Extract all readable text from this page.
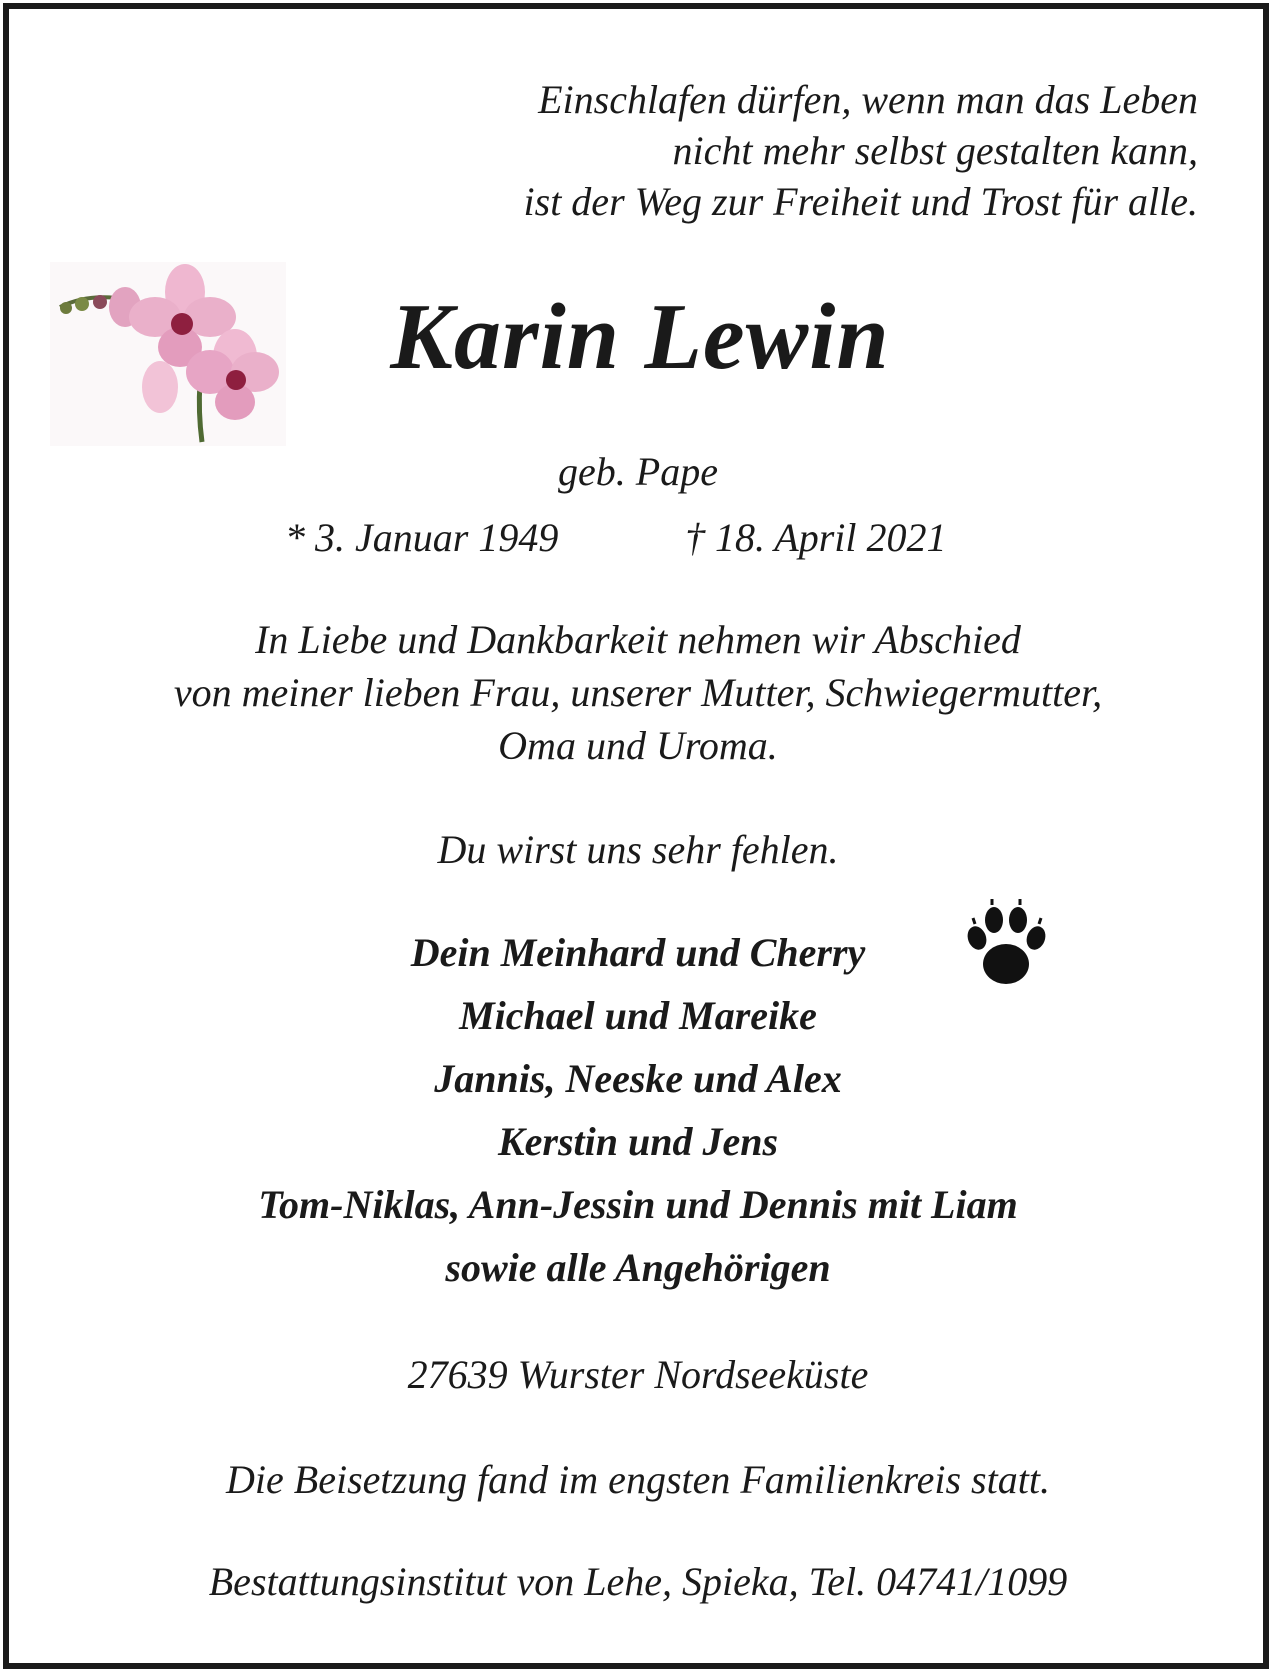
Einschlafen dürfen, wenn man das Leben

nicht mehr selbst gestalten kann,

ist der Weg zur Freiheit und Trost für alle.

Karin Lewin

geb. Pape

* 3. Januar 1949	† 18. April 2021

In Liebe und Dankbarkeit nehmen wir Abschied

von meiner lieben Frau, unserer Mutter, Schwiegermutter,

Oma und Uroma.

Du wirst uns sehr fehlen.

Dein Meinhard und Cherry

Michael und Mareike

Jannis, Neeske und Alex

Kerstin und Jens

Tom-Niklas, Ann-Jessin und Dennis mit Liam

sowie alle Angehörigen

27639 Wurster Nordseeküste

Die Beisetzung fand im engsten Familienkreis statt.

Bestattungsinstitut von Lehe, Spieka, Tel. 04741/1099
